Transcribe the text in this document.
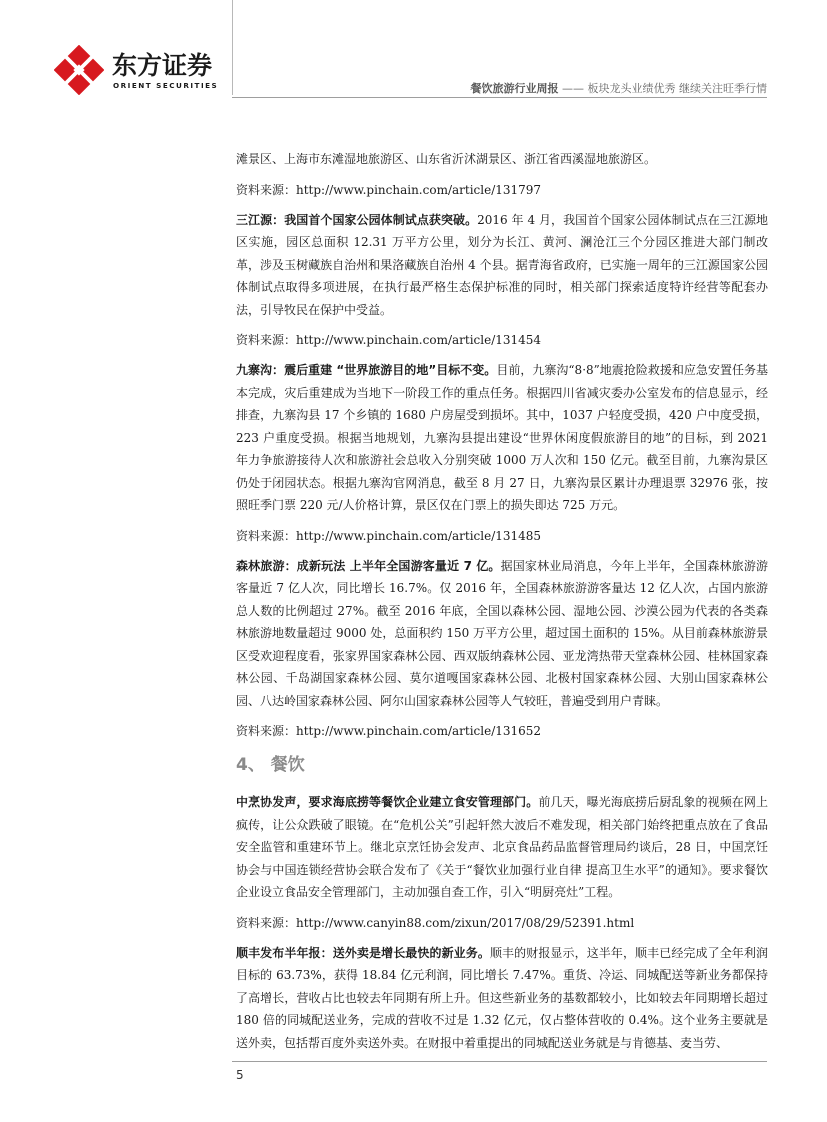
东方证券
ORIENT SECURITIES	餐饮旅游行业周报 —— 板块龙头业绩优秀 继续关注旺季行情

滩景区、上海市东滩湿地旅游区、山东省沂沭湖景区、浙江省西溪湿地旅游区。

资料来源：http://www.pinchain.com/article/131797

三江源：我国首个国家公园体制试点获突破。2016 年 4 月，我国首个国家公园体制试点在三江源地区实施，园区总面积 12.31 万平方公里，划分为长江、黄河、澜沧江三个分园区推进大部门制改革，涉及玉树藏族自治州和果洛藏族自治州 4 个县。据青海省政府，已实施一周年的三江源国家公园体制试点取得多项进展，在执行最严格生态保护标准的同时，相关部门探索适度特许经营等配套办法，引导牧民在保护中受益。

资料来源：http://www.pinchain.com/article/131454

九寨沟：震后重建 “世界旅游目的地”目标不变。目前，九寨沟“8·8”地震抢险救援和应急安置任务基本完成，灾后重建成为当地下一阶段工作的重点任务。根据四川省减灾委办公室发布的信息显示，经排查，九寨沟县 17 个乡镇的 1680 户房屋受到损坏。其中，1037 户轻度受损，420 户中度受损，223 户重度受损。根据当地规划，九寨沟县提出建设“世界休闲度假旅游目的地”的目标，到 2021 年力争旅游接待人次和旅游社会总收入分别突破 1000 万人次和 150 亿元。截至目前，九寨沟景区仍处于闭园状态。根据九寨沟官网消息，截至 8 月 27 日，九寨沟景区累计办理退票 32976 张，按照旺季门票 220 元/人价格计算，景区仅在门票上的损失即达 725 万元。

资料来源：http://www.pinchain.com/article/131485

森林旅游：成新玩法 上半年全国游客量近 7 亿。据国家林业局消息，今年上半年，全国森林旅游游客量近 7 亿人次，同比增长 16.7%。仅 2016 年，全国森林旅游游客量达 12 亿人次，占国内旅游总人数的比例超过 27%。截至 2016 年底，全国以森林公园、湿地公园、沙漠公园为代表的各类森林旅游地数量超过 9000 处，总面积约 150 万平方公里，超过国土面积的 15%。从目前森林旅游景区受欢迎程度看，张家界国家森林公园、西双版纳森林公园、亚龙湾热带天堂森林公园、桂林国家森林公园、千岛湖国家森林公园、莫尔道嘎国家森林公园、北极村国家森林公园、大别山国家森林公园、八达岭国家森林公园、阿尔山国家森林公园等人气较旺，普遍受到用户青睐。

资料来源：http://www.pinchain.com/article/131652

4、 餐饮

中烹协发声，要求海底捞等餐饮企业建立食安管理部门。前几天，曝光海底捞后厨乱象的视频在网上疯传，让公众跌破了眼镜。在“危机公关”引起轩然大波后不难发现，相关部门始终把重点放在了食品安全监管和重建环节上。继北京烹饪协会发声、北京食品药品监督管理局约谈后，28 日，中国烹饪协会与中国连锁经营协会联合发布了《关于“餐饮业加强行业自律 提高卫生水平”的通知》。要求餐饮企业设立食品安全管理部门，主动加强自查工作，引入“明厨亮灶”工程。

资料来源：http://www.canyin88.com/zixun/2017/08/29/52391.html

顺丰发布半年报：送外卖是增长最快的新业务。顺丰的财报显示，这半年，顺丰已经完成了全年利润目标的 63.73%，获得 18.84 亿元利润，同比增长 7.47%。重货、冷运、同城配送等新业务都保持了高增长，营收占比也较去年同期有所上升。但这些新业务的基数都较小，比如较去年同期增长超过 180 倍的同城配送业务，完成的营收不过是 1.32 亿元，仅占整体营收的 0.4%。这个业务主要就是送外卖，包括帮百度外卖送外卖。在财报中着重提出的同城配送业务就是与肯德基、麦当劳、

5
